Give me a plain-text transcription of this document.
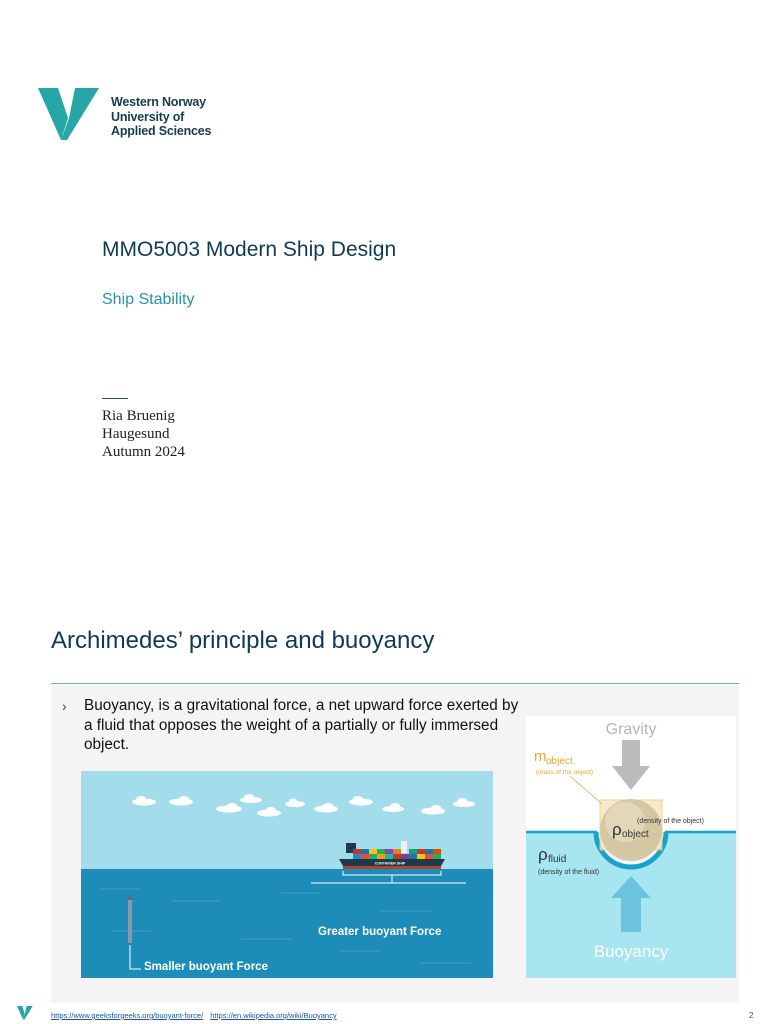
Western Norway
University of
Applied Sciences
MMO5003 Modern Ship Design
Ship Stability
Ria Bruenig
Haugesund
Autumn 2024
Archimedes’ principle and buoyancy
› Buoyancy, is a gravitational force, a net upward force exerted by a fluid that opposes the weight of a partially or fully immersed object.
CONTAINER SHIP
Greater buoyant Force
Smaller buoyant Force
Gravity
ρ object
(density of the object)
m object
(mass of the object)
ρ fluid
(density of the fluid)
Buoyancy
https://www.geeksforgeeks.org/buoyant-force/ https://en.wikipedia.org/wiki/Buoyancy	2
